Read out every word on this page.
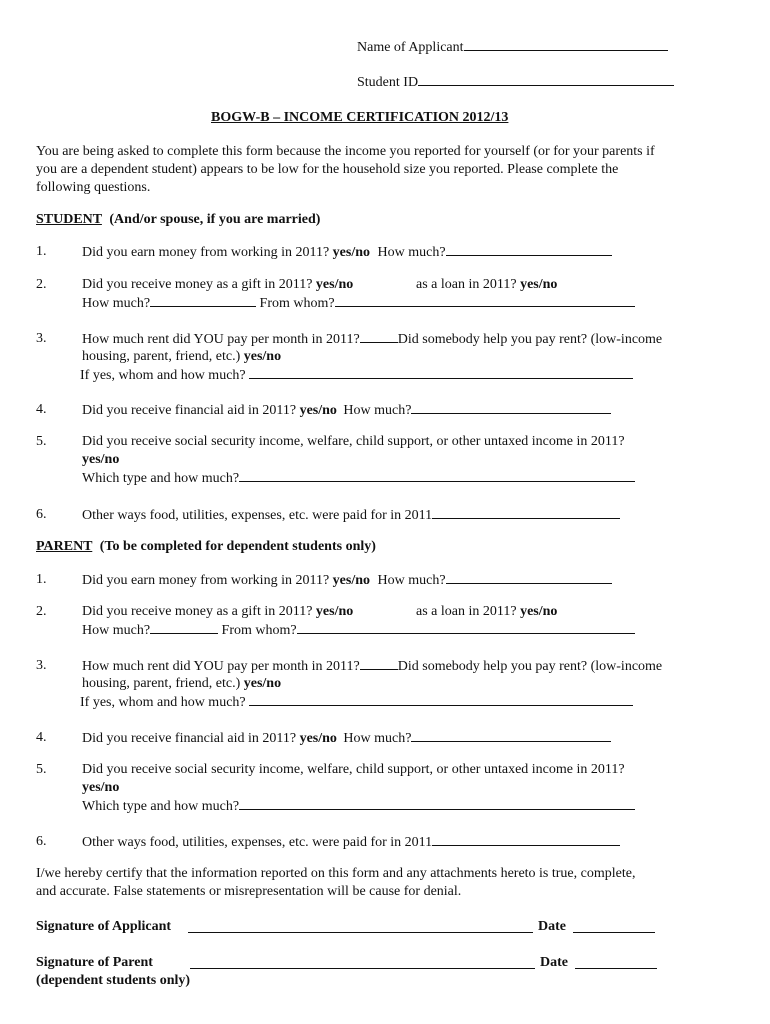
Name of Applicant
Student ID
BOGW-B – INCOME CERTIFICATION 2012/13
You are being asked to complete this form because the income you reported for yourself (or for your parents if
you are a dependent student) appears to be low for the household size you reported. Please complete the
following questions.
STUDENT (And/or spouse, if you are married)
1.	Did you earn money from working in 2011? yes/no How much?
2.	Did you receive money as a gift in 2011? yes/no	as a loan in 2011? yes/no
How much?	From whom?
3.	How much rent did YOU pay per month in 2011?	Did somebody help you pay rent? (low-income
housing, parent, friend, etc.) yes/no
If yes, whom and how much?
4.	Did you receive financial aid in 2011? yes/no How much?
5.	Did you receive social security income, welfare, child support, or other untaxed income in 2011?
yes/no
Which type and how much?
6.	Other ways food, utilities, expenses, etc. were paid for in 2011
PARENT (To be completed for dependent students only)
1.	Did you earn money from working in 2011? yes/no How much?
2.	Did you receive money as a gift in 2011? yes/no	as a loan in 2011? yes/no
How much?	From whom?
3.	How much rent did YOU pay per month in 2011?	Did somebody help you pay rent? (low-income
housing, parent, friend, etc.) yes/no
If yes, whom and how much?
4.	Did you receive financial aid in 2011? yes/no How much?
5.	Did you receive social security income, welfare, child support, or other untaxed income in 2011?
yes/no
Which type and how much?
6.	Other ways food, utilities, expenses, etc. were paid for in 2011
I/we hereby certify that the information reported on this form and any attachments hereto is true, complete,
and accurate. False statements or misrepresentation will be cause for denial.
Signature of Applicant	Date
Signature of Parent	Date
(dependent students only)
